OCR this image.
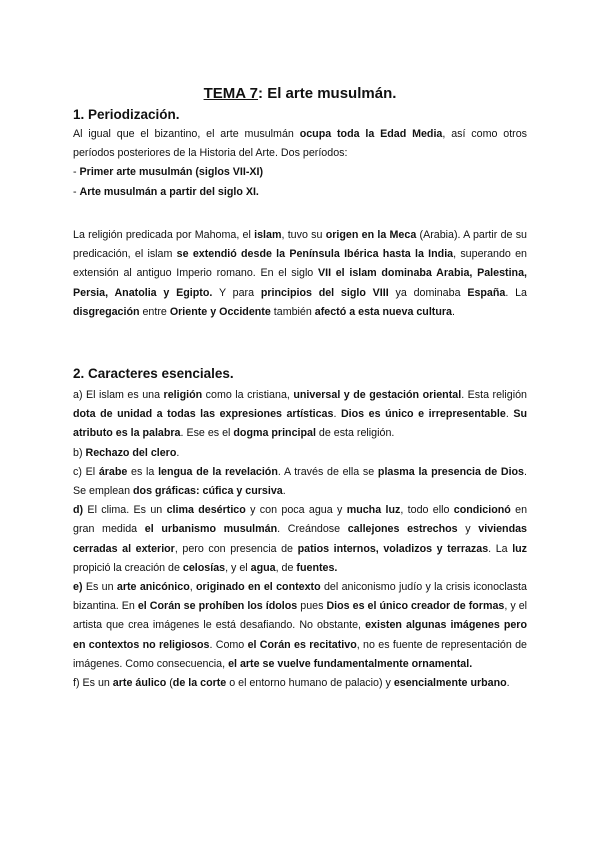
TEMA 7: El arte musulmán.
1. Periodización.

Al igual que el bizantino, el arte musulmán ocupa toda la Edad Media, así como otros períodos posteriores de la Historia del Arte. Dos períodos:

- Primer arte musulmán (siglos VII-XI)

- Arte musulmán a partir del siglo XI.

La religión predicada por Mahoma, el islam, tuvo su origen en la Meca (Arabia). A partir de su predicación, el islam se extendió desde la Península Ibérica hasta la India, superando en extensión al antiguo Imperio romano. En el siglo VII el islam dominaba Arabia, Palestina, Persia, Anatolia y Egipto. Y para principios del siglo VIII ya dominaba España. La disgregación entre Oriente y Occidente también afectó a esta nueva cultura.

2. Caracteres esenciales.

a) El islam es una religión como la cristiana, universal y de gestación oriental. Esta religión dota de unidad a todas las expresiones artísticas. Dios es único e irrepresentable. Su atributo es la palabra. Ese es el dogma principal de esta religión.

b) Rechazo del clero.

c) El árabe es la lengua de la revelación. A través de ella se plasma la presencia de Dios. Se emplean dos gráficas: cúfica y cursiva.

d) El clima. Es un clima desértico y con poca agua y mucha luz, todo ello condicionó en gran medida el urbanismo musulmán. Creándose callejones estrechos y viviendas cerradas al exterior, pero con presencia de patios internos, voladizos y terrazas. La luz propició la creación de celosías, y el agua, de fuentes.

e) Es un arte anicónico, originado en el contexto del aniconismo judío y la crisis iconoclasta bizantina. En el Corán se prohíben los ídolos pues Dios es el único creador de formas, y el artista que crea imágenes le está desafiando. No obstante, existen algunas imágenes pero en contextos no religiosos. Como el Corán es recitativo, no es fuente de representación de imágenes. Como consecuencia, el arte se vuelve fundamentalmente ornamental.

f) Es un arte áulico (de la corte o el entorno humano de palacio) y esencialmente urbano.
